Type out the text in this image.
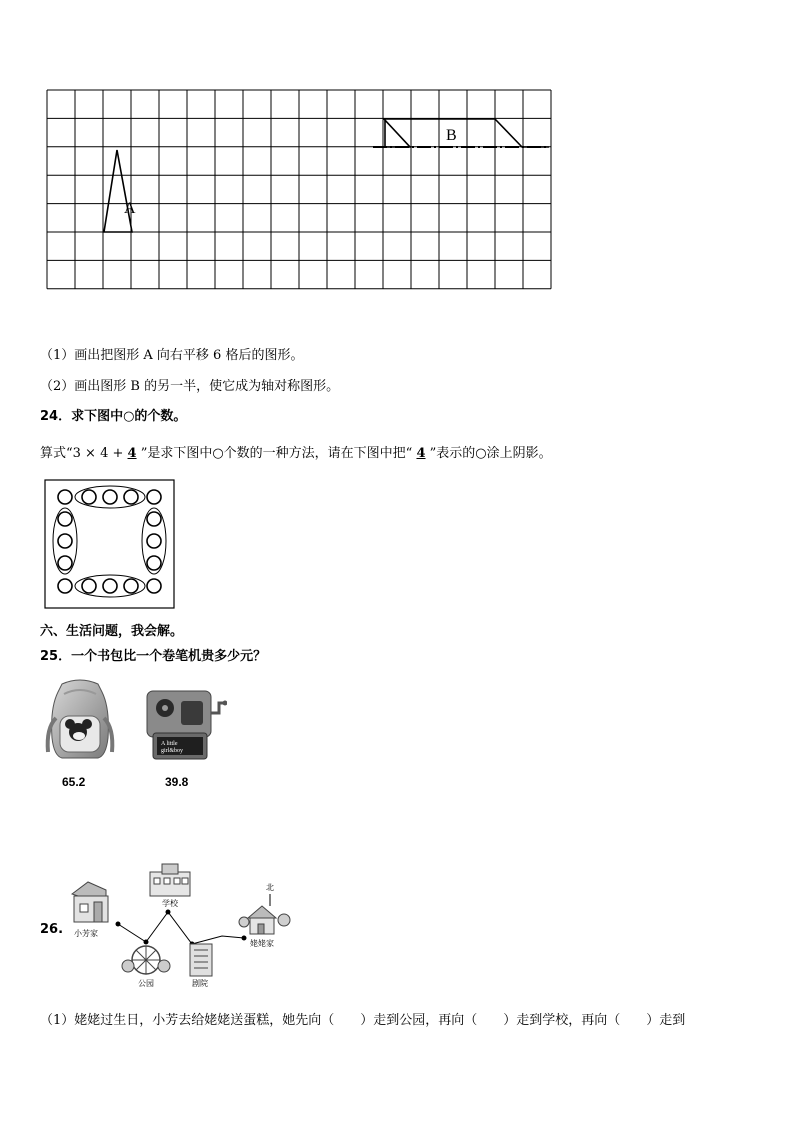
A
B
（1）画出把图形 A 向右平移 6 格后的图形。
（2）画出图形 B 的另一半，使它成为轴对称图形。
24．求下图中○的个数。
算式“3 × 4 + 4 ”是求下图中○个数的一种方法，请在下图中把“ 4 ”表示的○涂上阴影。
六、生活问题，我会解。
25．一个书包比一个卷笔机贵多少元？
65.2
A little
girl&boy
39.8
26. 小芳家
学校
北
姥姥家
公园	剧院
（1）姥姥过生日，小芳去给姥姥送蛋糕，她先向（　　）走到公园，再向（　　）走到学校，再向（　　）走到
